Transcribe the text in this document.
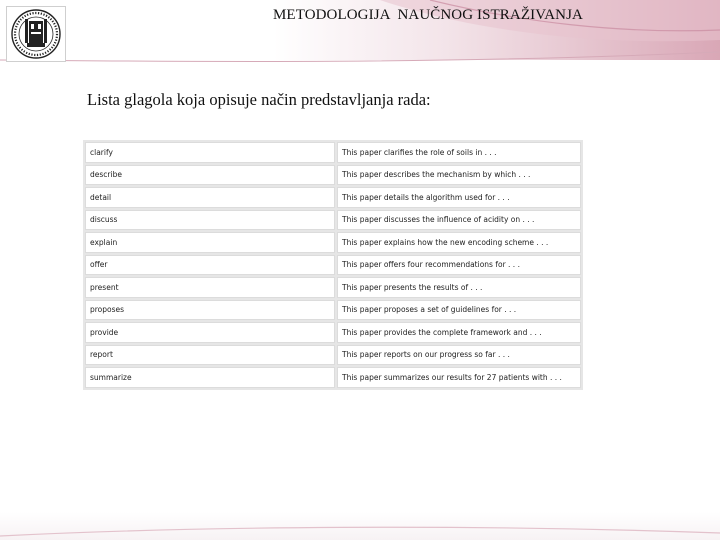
METODOLOGIJA  NAUČNOG ISTRAŽIVANJA
Lista glagola koja opisuje način predstavljanja rada:
clarify	This paper clarifies the role of soils in . . .
describe	This paper describes the mechanism by which . . .
detail	This paper details the algorithm used for . . .
discuss	This paper discusses the influence of acidity on . . .
explain	This paper explains how the new encoding scheme . . .
offer	This paper offers four recommendations for . . .
present	This paper presents the results of . . .
proposes	This paper proposes a set of guidelines for . . .
provide	This paper provides the complete framework and . . .
report	This paper reports on our progress so far . . .
summarize	This paper summarizes our results for 27 patients with . . .
